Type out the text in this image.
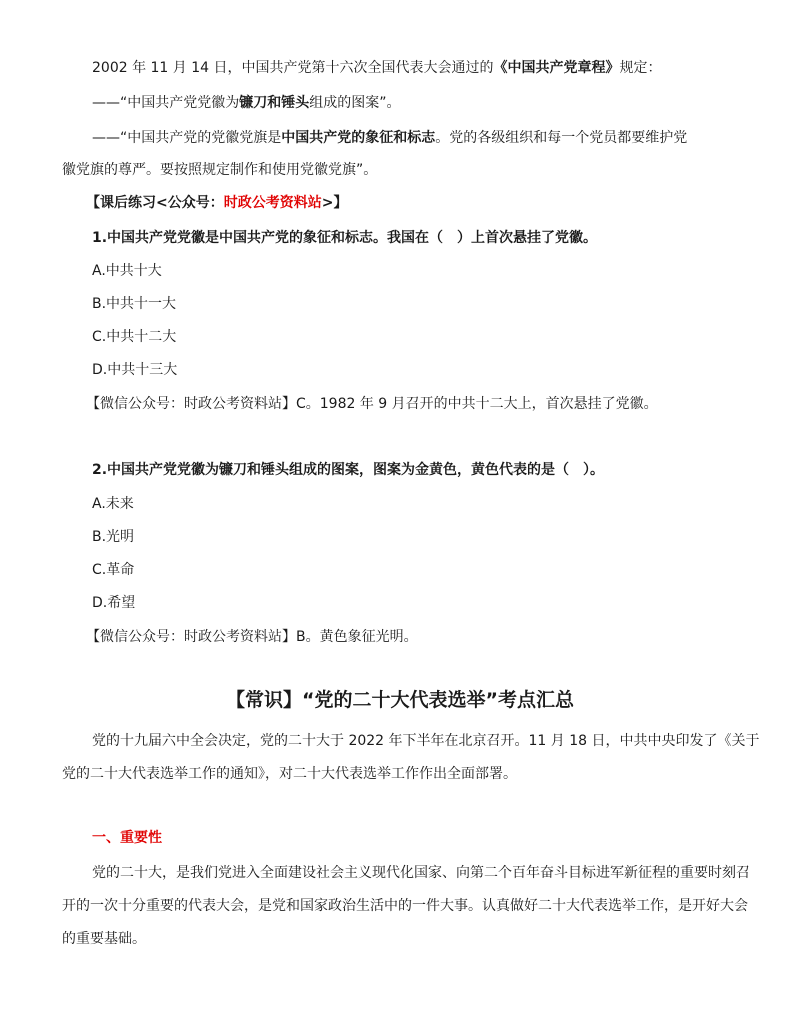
2002 年 11 月 14 日，中国共产党第十六次全国代表大会通过的《中国共产党章程》规定：
——“中国共产党党徽为镰刀和锤头组成的图案”。
——“中国共产党的党徽党旗是中国共产党的象征和标志。党的各级组织和每一个党员都要维护党
徽党旗的尊严。要按照规定制作和使用党徽党旗”。
【课后练习<公众号：时政公考资料站>】
1.中国共产党党徽是中国共产党的象征和标志。我国在（　）上首次悬挂了党徽。
A.中共十大
B.中共十一大
C.中共十二大
D.中共十三大
【微信公众号：时政公考资料站】C。1982 年 9 月召开的中共十二大上，首次悬挂了党徽。
2.中国共产党党徽为镰刀和锤头组成的图案，图案为金黄色，黄色代表的是（　）。
A.未来
B.光明
C.革命
D.希望
【微信公众号：时政公考资料站】B。黄色象征光明。
【常识】“党的二十大代表选举”考点汇总
党的十九届六中全会决定，党的二十大于 2022 年下半年在北京召开。11 月 18 日，中共中央印发了《关于
党的二十大代表选举工作的通知》，对二十大代表选举工作作出全面部署。
一、重要性
党的二十大，是我们党进入全面建设社会主义现代化国家、向第二个百年奋斗目标进军新征程的重要时刻召
开的一次十分重要的代表大会，是党和国家政治生活中的一件大事。认真做好二十大代表选举工作，是开好大会
的重要基础。
